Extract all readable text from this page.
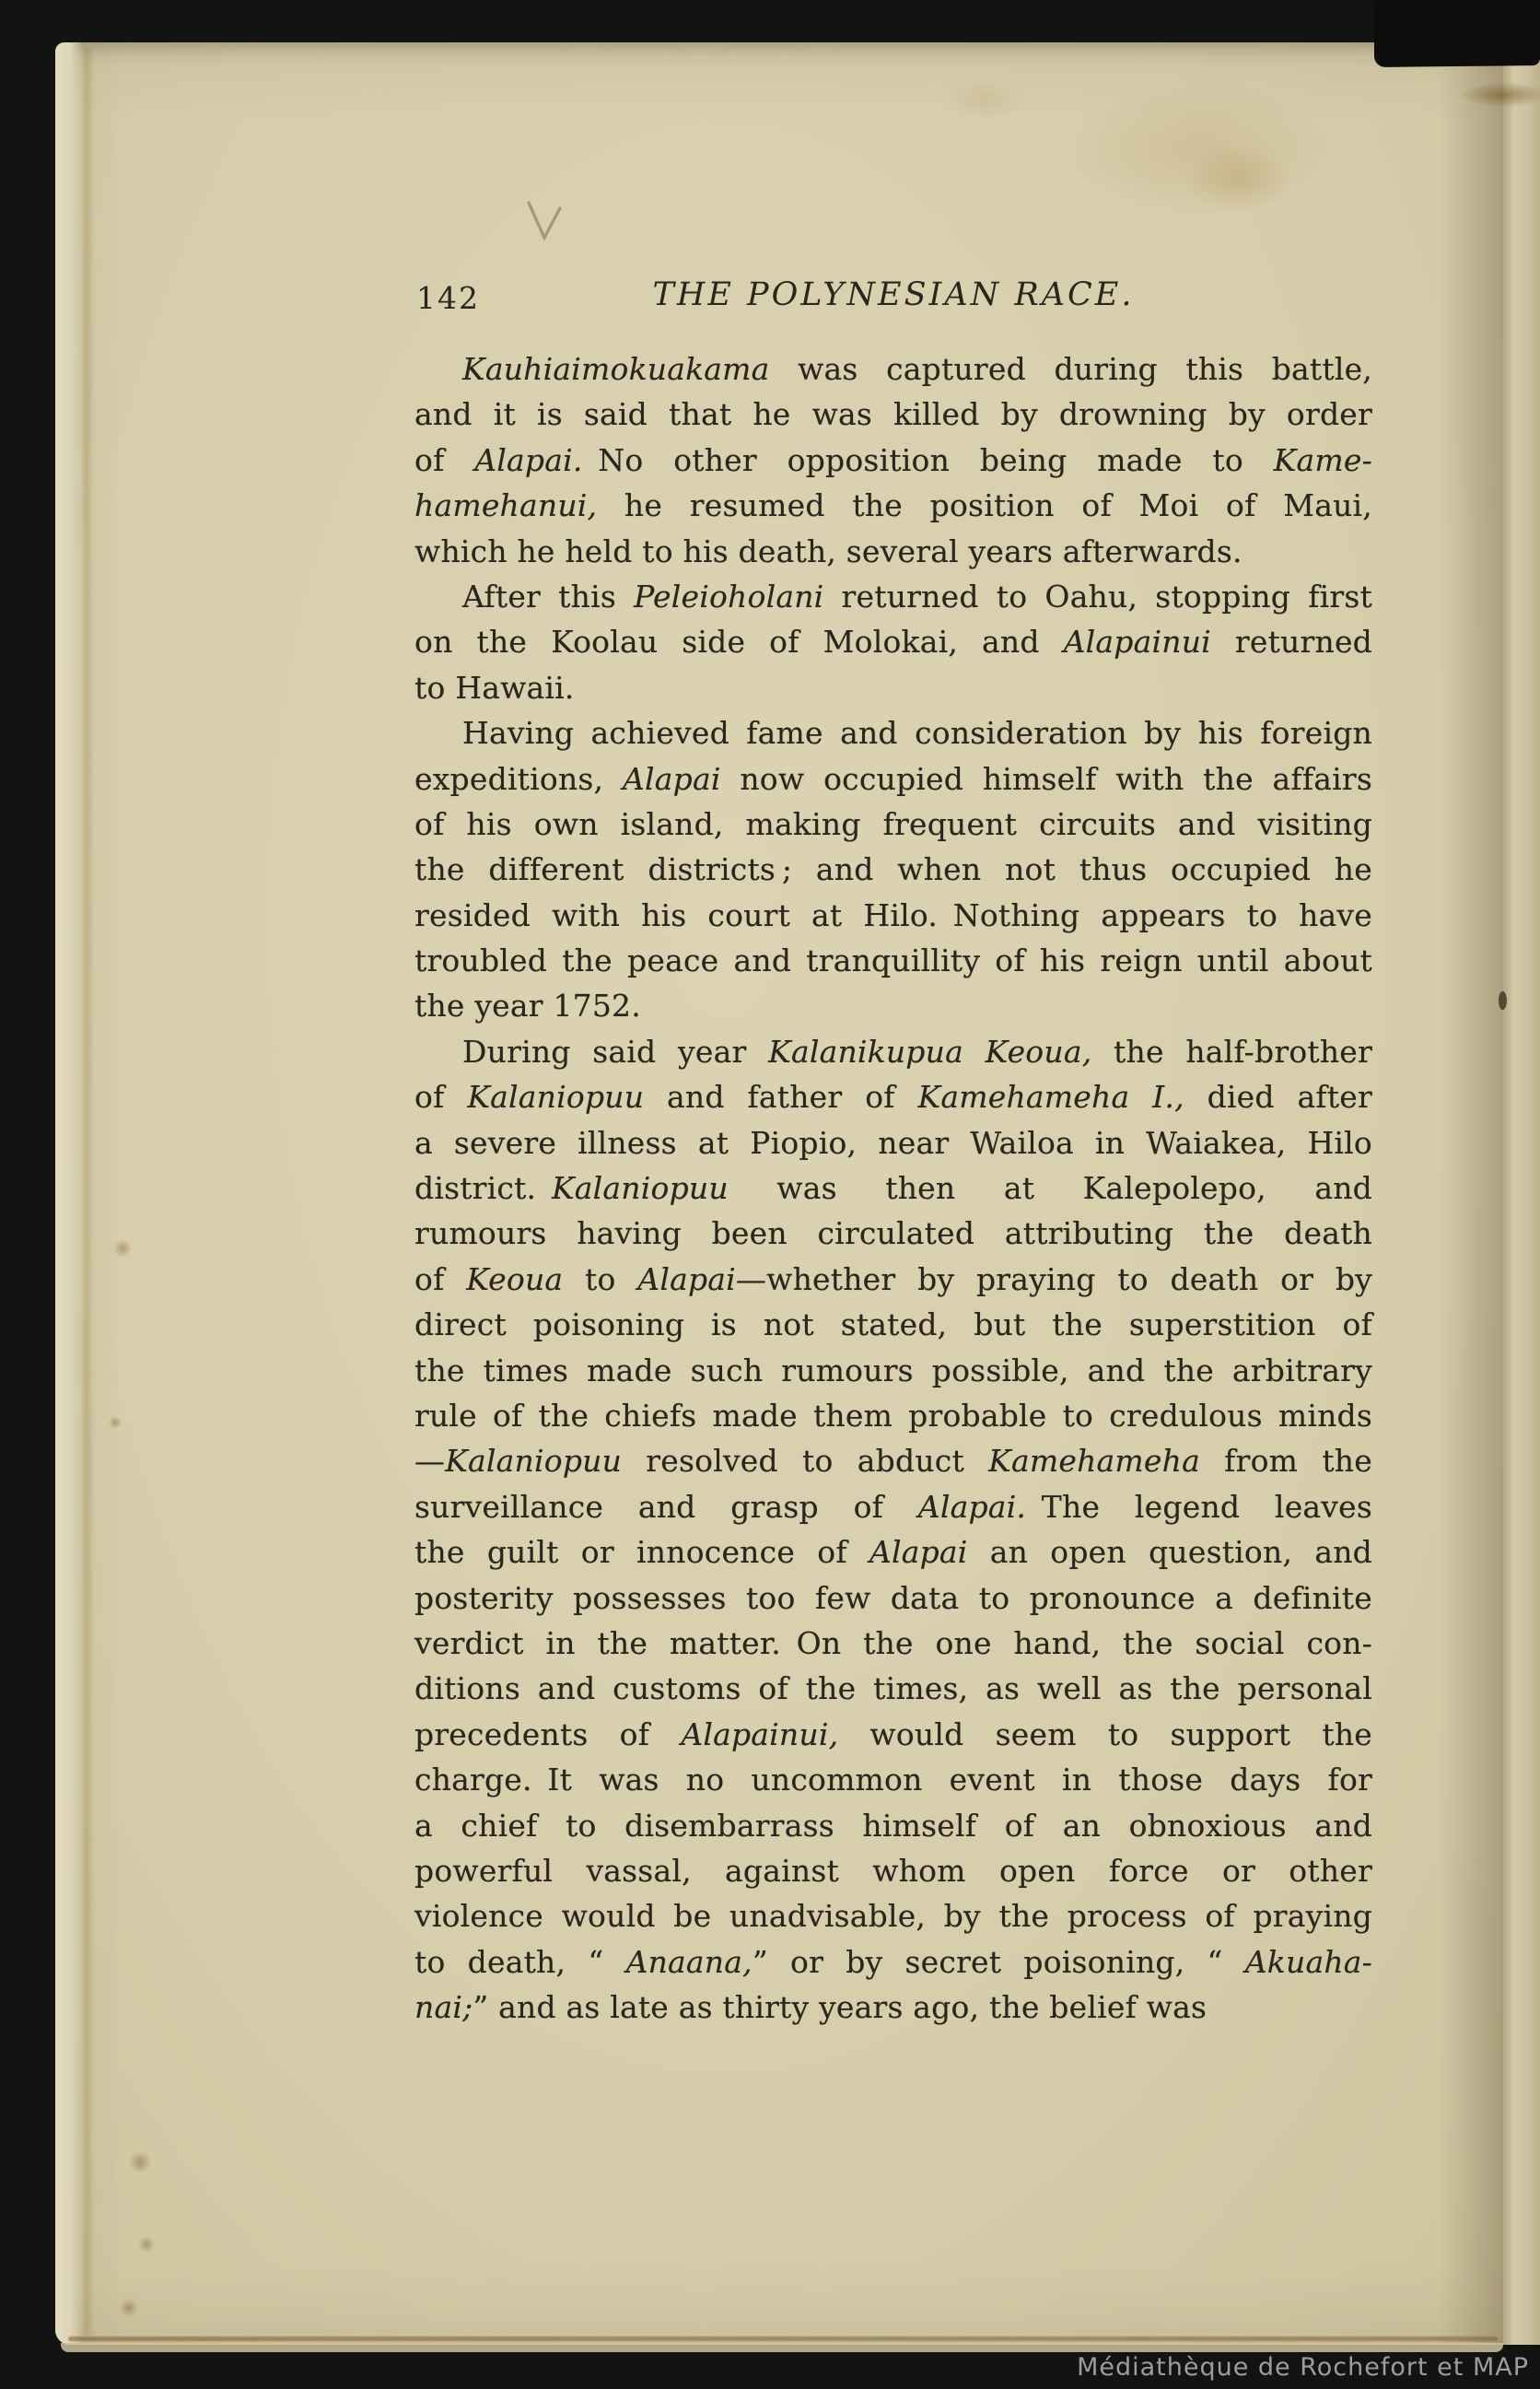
142	THE POLYNESIAN RACE.
Kauhiaimokuakama was captured during this battle,
and it is said that he was killed by drowning by order
of Alapai. No other opposition being made to Kame-
hamehanui, he resumed the position of Moi of Maui,
which he held to his death, several years afterwards.
After this Peleioholani returned to Oahu, stopping first
on the Koolau side of Molokai, and Alapainui returned
to Hawaii.
Having achieved fame and consideration by his foreign
expeditions, Alapai now occupied himself with the affairs
of his own island, making frequent circuits and visiting
the different districts ; and when not thus occupied he
resided with his court at Hilo. Nothing appears to have
troubled the peace and tranquillity of his reign until about
the year 1752.
During said year Kalanikupua Keoua, the half-brother
of Kalaniopuu and father of Kamehameha I., died after
a severe illness at Piopio, near Wailoa in Waiakea, Hilo
district. Kalaniopuu was then at Kalepolepo, and
rumours having been circulated attributing the death
of Keoua to Alapai—whether by praying to death or by
direct poisoning is not stated, but the superstition of
the times made such rumours possible, and the arbitrary
rule of the chiefs made them probable to credulous minds
—Kalaniopuu resolved to abduct Kamehameha from the
surveillance and grasp of Alapai. The legend leaves
the guilt or innocence of Alapai an open question, and
posterity possesses too few data to pronounce a definite
verdict in the matter. On the one hand, the social con-
ditions and customs of the times, as well as the personal
precedents of Alapainui, would seem to support the
charge. It was no uncommon event in those days for
a chief to disembarrass himself of an obnoxious and
powerful vassal, against whom open force or other
violence would be unadvisable, by the process of praying
to death, “ Anaana,” or by secret poisoning, “ Akuaha-
nai;” and as late as thirty years ago, the belief was
Médiathèque de Rochefort et MAP
